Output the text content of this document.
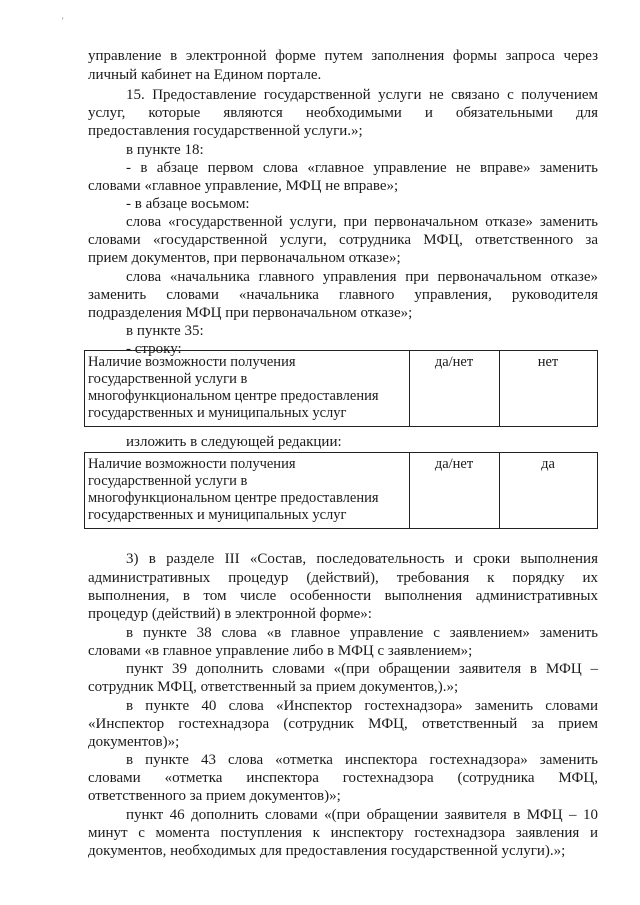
'
управление в электронной форме путем заполнения формы запроса через
личный кабинет на Едином портале.
15. Предоставление государственной услуги не связано с получением
услуг, которые являются необходимыми и обязательными для
предоставления государственной услуги.»;
в пункте 18:
- в абзаце первом слова «главное управление не вправе» заменить
словами «главное управление, МФЦ не вправе»;
- в абзаце восьмом:
слова «государственной услуги, при первоначальном отказе» заменить
словами «государственной услуги, сотрудника МФЦ, ответственного за
прием документов, при первоначальном отказе»;
слова «начальника главного управления при первоначальном отказе»
заменить словами «начальника главного управления, руководителя
подразделения МФЦ при первоначальном отказе»;
в пункте 35:
- строку:
Наличие возможности получения
государственной услуги в
многофункциональном центре предоставления
государственных и муниципальных услуг
	да/нет	нет
изложить в следующей редакции:
Наличие возможности получения
государственной услуги в
многофункциональном центре предоставления
государственных и муниципальных услуг
	да/нет	да
3) в разделе III «Состав, последовательность и сроки выполнения
административных процедур (действий), требования к порядку их
выполнения, в том числе особенности выполнения административных
процедур (действий) в электронной форме»:
в пункте 38 слова «в главное управление с заявлением» заменить
словами «в главное управление либо в МФЦ с заявлением»;
пункт 39 дополнить словами «(при обращении заявителя в МФЦ –
сотрудник МФЦ, ответственный за прием документов,).»;
в пункте 40 слова «Инспектор гостехнадзора» заменить словами
«Инспектор гостехнадзора (сотрудник МФЦ, ответственный за прием
документов)»;
в пункте 43 слова «отметка инспектора гостехнадзора» заменить
словами «отметка инспектора гостехнадзора (сотрудника МФЦ,
ответственного за прием документов)»;
пункт 46 дополнить словами «(при обращении заявителя в МФЦ – 10
минут с момента поступления к инспектору гостехнадзора заявления и
документов, необходимых для предоставления государственной услуги).»;
